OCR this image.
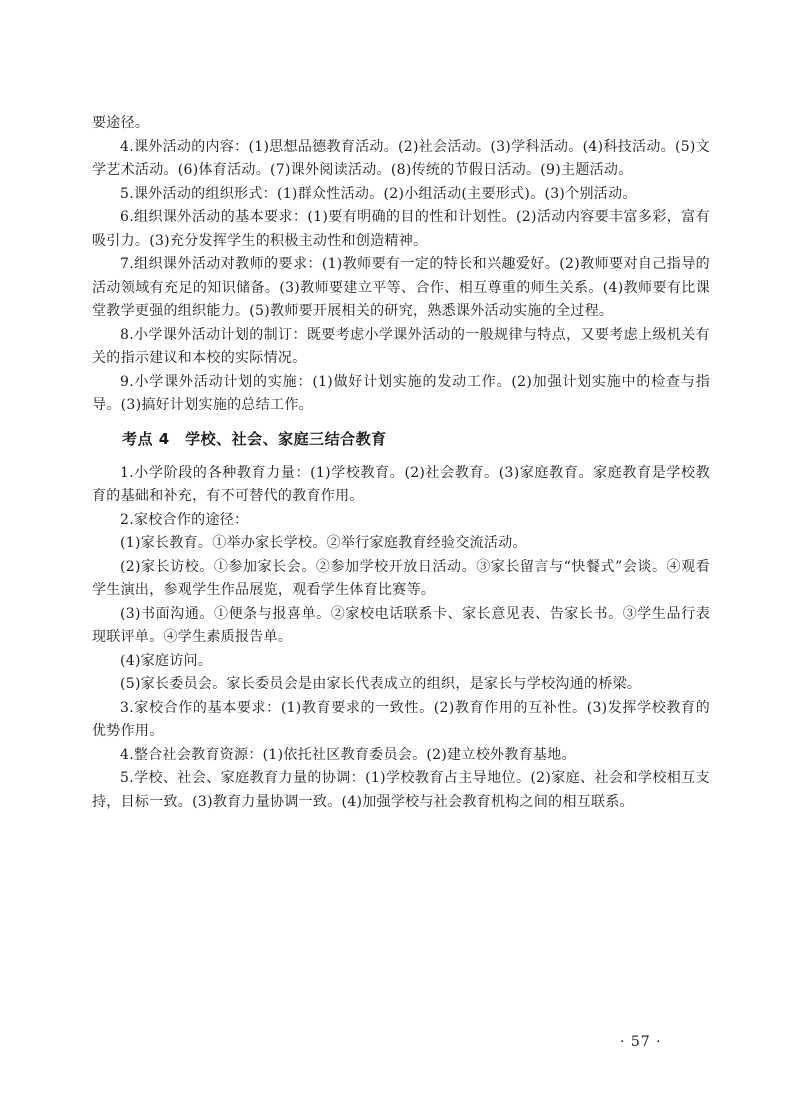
要途径。

4.课外活动的内容：(1)思想品德教育活动。(2)社会活动。(3)学科活动。(4)科技活动。(5)文学艺术活动。(6)体育活动。(7)课外阅读活动。(8)传统的节假日活动。(9)主题活动。

5.课外活动的组织形式：(1)群众性活动。(2)小组活动(主要形式)。(3)个别活动。

6.组织课外活动的基本要求：(1)要有明确的目的性和计划性。(2)活动内容要丰富多彩，富有吸引力。(3)充分发挥学生的积极主动性和创造精神。

7.组织课外活动对教师的要求：(1)教师要有一定的特长和兴趣爱好。(2)教师要对自己指导的活动领域有充足的知识储备。(3)教师要建立平等、合作、相互尊重的师生关系。(4)教师要有比课堂教学更强的组织能力。(5)教师要开展相关的研究，熟悉课外活动实施的全过程。

8.小学课外活动计划的制订：既要考虑小学课外活动的一般规律与特点，又要考虑上级机关有关的指示建议和本校的实际情况。

9.小学课外活动计划的实施：(1)做好计划实施的发动工作。(2)加强计划实施中的检查与指导。(3)搞好计划实施的总结工作。

考点 4　学校、社会、家庭三结合教育

1.小学阶段的各种教育力量：(1)学校教育。(2)社会教育。(3)家庭教育。家庭教育是学校教育的基础和补充，有不可替代的教育作用。

2.家校合作的途径：

(1)家长教育。①举办家长学校。②举行家庭教育经验交流活动。

(2)家长访校。①参加家长会。②参加学校开放日活动。③家长留言与“快餐式”会谈。④观看学生演出，参观学生作品展览，观看学生体育比赛等。

(3)书面沟通。①便条与报喜单。②家校电话联系卡、家长意见表、告家长书。③学生品行表现联评单。④学生素质报告单。

(4)家庭访问。

(5)家长委员会。家长委员会是由家长代表成立的组织，是家长与学校沟通的桥梁。

3.家校合作的基本要求：(1)教育要求的一致性。(2)教育作用的互补性。(3)发挥学校教育的优势作用。

4.整合社会教育资源：(1)依托社区教育委员会。(2)建立校外教育基地。

5.学校、社会、家庭教育力量的协调：(1)学校教育占主导地位。(2)家庭、社会和学校相互支持，目标一致。(3)教育力量协调一致。(4)加强学校与社会教育机构之间的相互联系。

· 57 ·
